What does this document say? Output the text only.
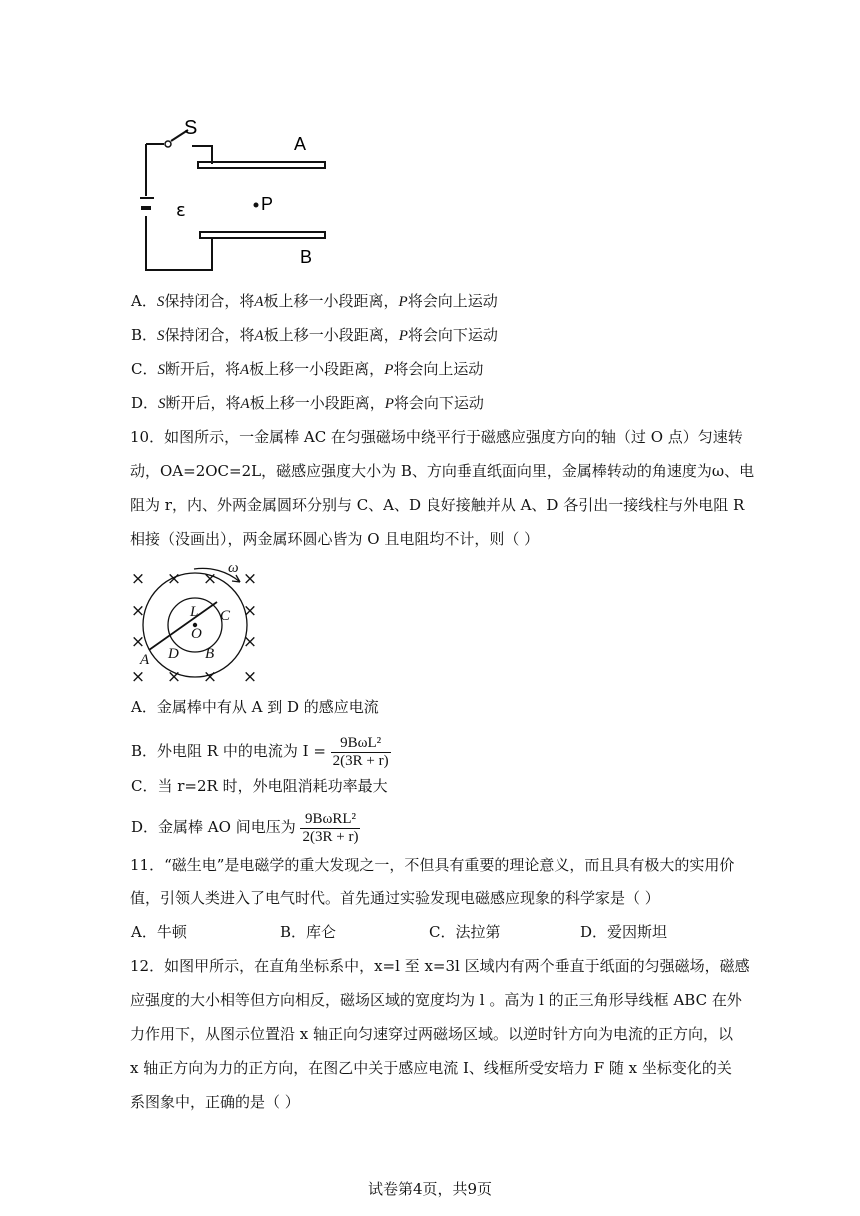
S
ε
A
B
P
A．S保持闭合，将A板上移一小段距离，P将会向上运动
B．S保持闭合，将A板上移一小段距离，P将会向下运动
C．S断开后，将A板上移一小段距离，P将会向上运动
D．S断开后，将A板上移一小段距离，P将会向下运动
10．如图所示，一金属棒 AC 在匀强磁场中绕平行于磁感应强度方向的轴（过 O 点）匀速转
动，OA=2OC=2L，磁感应强度大小为 B、方向垂直纸面向里，金属棒转动的角速度为ω、电
阻为 r，内、外两金属圆环分别与 C、A、D 良好接触并从 A、D 各引出一接线柱与外电阻 R
相接（没画出），两金属环圆心皆为 O 且电阻均不计，则（ ）
× × × ×
×	×
×	×
× ×
×	×
ω
L C
O
A D B
A．金属棒中有从 A 到 D 的感应电流
B．外电阻 R 中的电流为 $I = \frac{\text{9BωL²}}{2(3R + r)}$
C．当 r=2R 时，外电阻消耗功率最大
D．金属棒 AO 间电压为 $\frac{\text{9BωRL²}}{2(3R + r)}$
11．“磁生电”是电磁学的重大发现之一，不但具有重要的理论意义，而且具有极大的实用价
值，引领人类进入了电气时代。首先通过实验发现电磁感应现象的科学家是（ ）
A．牛顿	B．库仑	C．法拉第	D．爱因斯坦
12．如图甲所示，在直角坐标系中，x=l 至 x=3l 区域内有两个垂直于纸面的匀强磁场，磁感
应强度的大小相等但方向相反，磁场区域的宽度均为 l 。高为 l 的正三角形导线框 ABC 在外
力作用下，从图示位置沿 x 轴正向匀速穿过两磁场区域。以逆时针方向为电流的正方向，以
x 轴正方向为力的正方向，在图乙中关于感应电流 I、线框所受安培力 F 随 x 坐标变化的关
系图象中，正确的是（ ）
试卷第4页，共9页
